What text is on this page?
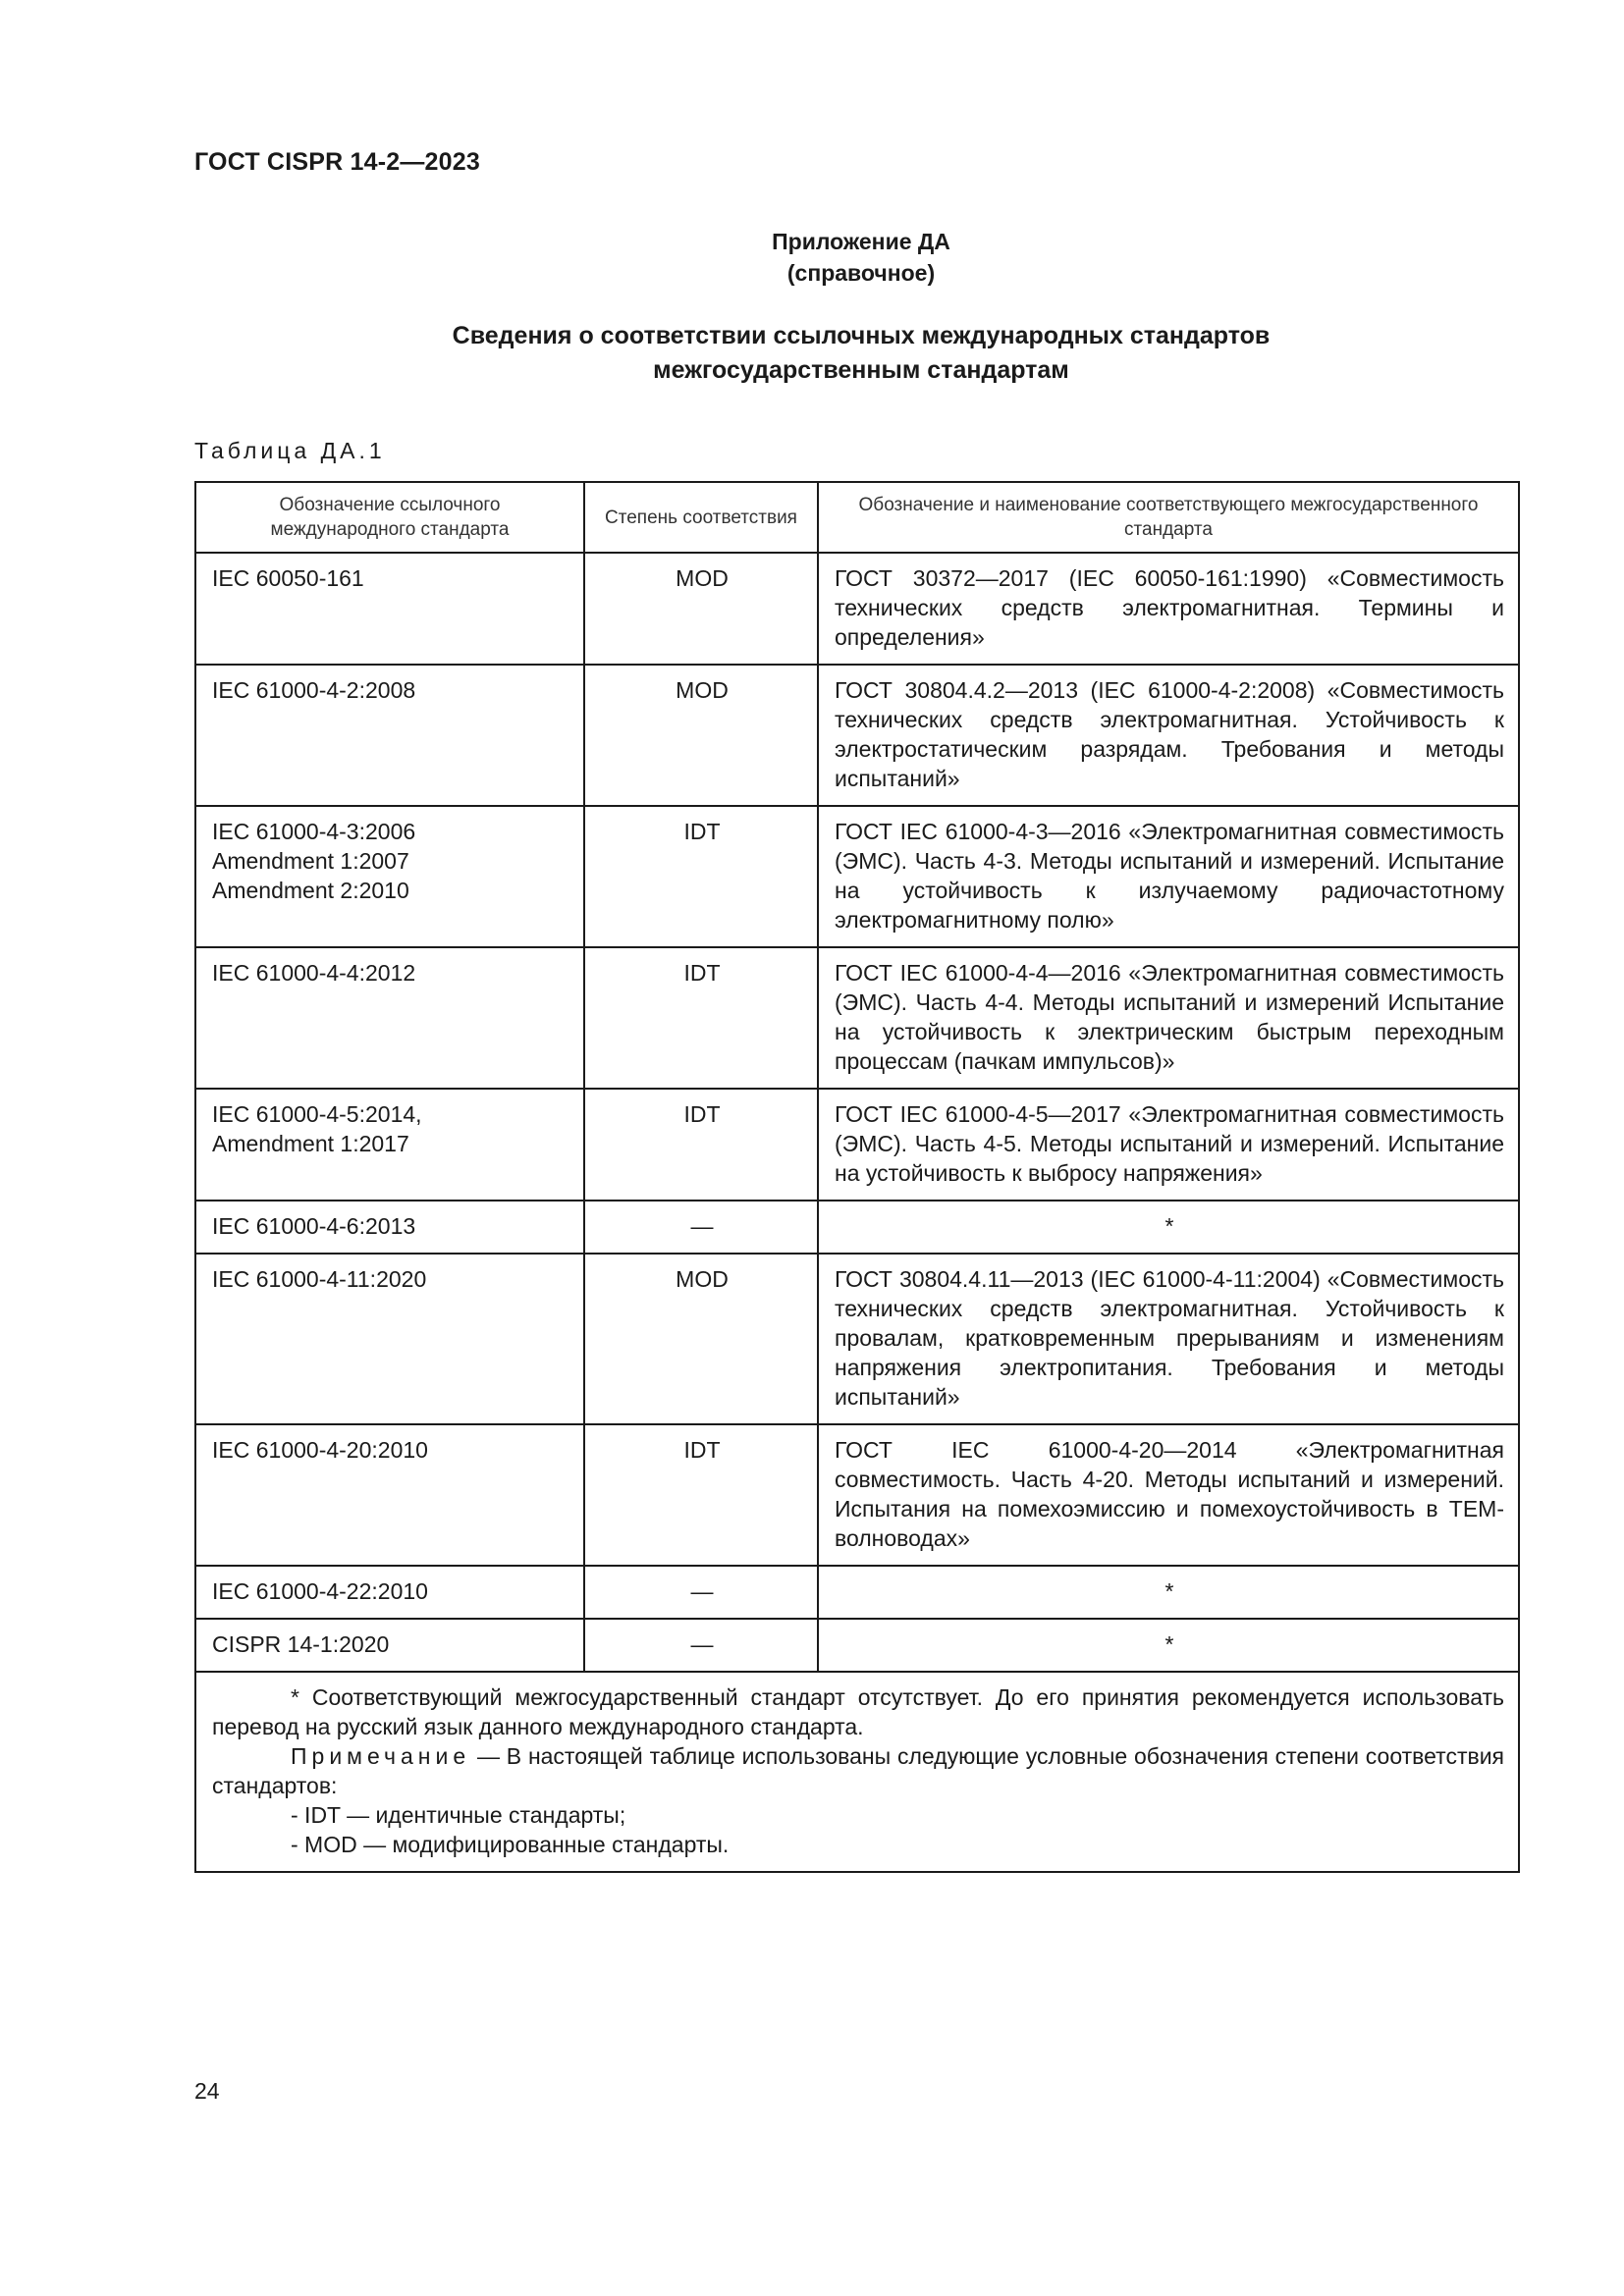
ГОСТ CISPR 14-2—2023
Приложение ДА
(справочное)
Сведения о соответствии ссылочных международных стандартов
межгосударственным стандартам
Таблица ДА.1
Обозначение ссылочного международного стандарта	Степень соответствия	Обозначение и наименование соответствующего межгосударственного стандарта

IEC 60050-161	MOD	ГОСТ 30372—2017 (IEC 60050-161:1990) «Совместимость технических средств электромагнитная. Термины и определения»

IEC 61000-4-2:2008	MOD	ГОСТ 30804.4.2—2013 (IEC 61000-4-2:2008) «Совместимость технических средств электромагнитная. Устойчивость к электростатическим разрядам. Требования и методы испытаний»

IEC 61000-4-3:2006
Amendment 1:2007
Amendment 2:2010	IDT	ГОСТ IEC 61000-4-3—2016 «Электромагнитная совместимость (ЭМС). Часть 4-3. Методы испытаний и измерений. Испытание на устойчивость к излучаемому радиочастотному электромагнитному полю»

IEC 61000-4-4:2012	IDT	ГОСТ IEC 61000-4-4—2016 «Электромагнитная совместимость (ЭМС). Часть 4-4. Методы испытаний и измерений Испытание на устойчивость к электрическим быстрым переходным процессам (пачкам импульсов)»

IEC 61000-4-5:2014,
Amendment 1:2017	IDT	ГОСТ IEC 61000-4-5—2017 «Электромагнитная совместимость (ЭМС). Часть 4-5. Методы испытаний и измерений. Испытание на устойчивость к выбросу напряжения»

IEC 61000-4-6:2013	—	*

IEC 61000-4-11:2020	MOD	ГОСТ 30804.4.11—2013 (IEC 61000-4-11:2004) «Совместимость технических средств электромагнитная. Устойчивость к провалам, кратковременным прерываниям и изменениям напряжения электропитания. Требования и методы испытаний»

IEC 61000-4-20:2010	IDT	ГОСТ IEC 61000-4-20—2014 «Электромагнитная совместимость. Часть 4-20. Методы испытаний и измерений. Испытания на помехоэмиссию и помехоустойчивость в ТЕМ-волноводах»

IEC 61000-4-22:2010	—	*

CISPR 14-1:2020	—	*

* Соответствующий межгосударственный стандарт отсутствует. До его принятия рекомендуется использовать перевод на русский язык данного международного стандарта.
Примечание — В настоящей таблице использованы следующие условные обозначения степени соответствия стандартов:
- IDT — идентичные стандарты;
- MOD — модифицированные стандарты.		
24
